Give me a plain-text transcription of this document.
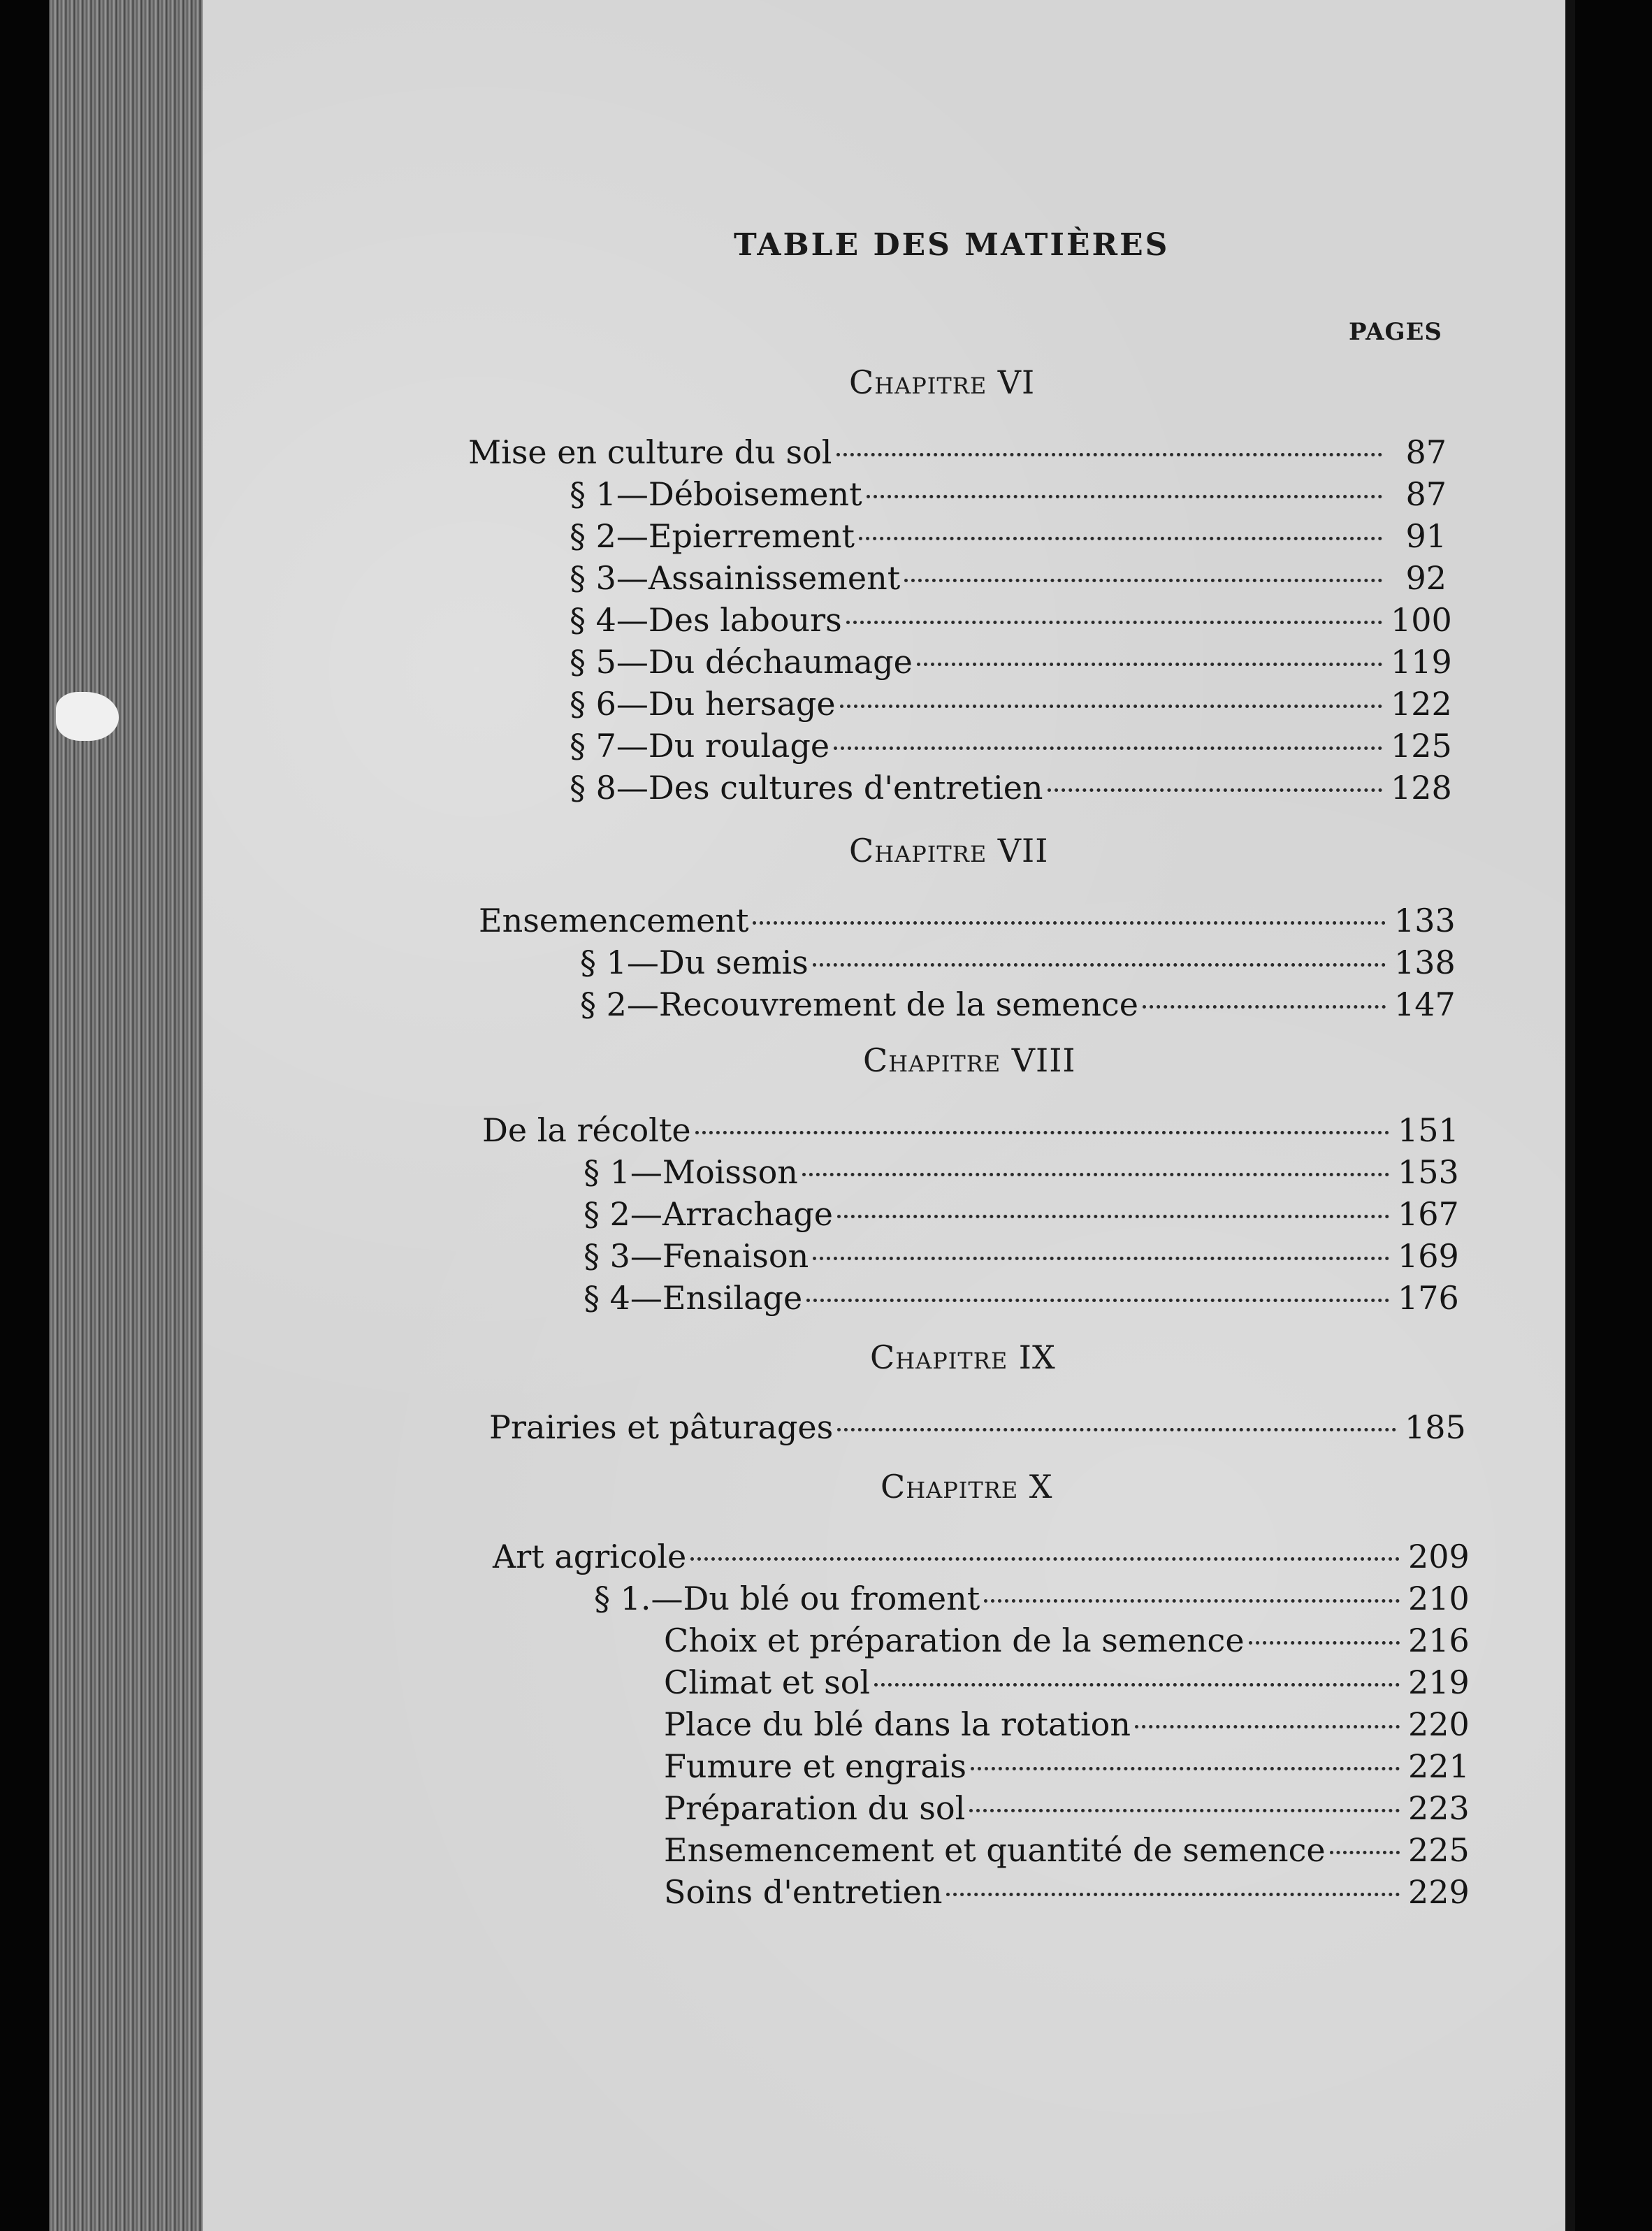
TABLE DES MATIÈRES
PAGES
Chapitre VI
Mise en culture du sol	87
§ 1—Déboisement	87
§ 2—Epierrement	91
§ 3—Assainissement	92
§ 4—Des labours	100
§ 5—Du déchaumage	119
§ 6—Du hersage	122
§ 7—Du roulage	125
§ 8—Des cultures d'entretien	128
Chapitre VII
Ensemencement	133
§ 1—Du semis	138
§ 2—Recouvrement de la semence	147
Chapitre VIII
De la récolte	151
§ 1—Moisson	153
§ 2—Arrachage	167
§ 3—Fenaison	169
§ 4—Ensilage	176
Chapitre IX
Prairies et pâturages	185
Chapitre X
Art agricole	209
§ 1.—Du blé ou froment	210
Choix et préparation de la semence	216
Climat et sol	219
Place du blé dans la rotation	220
Fumure et engrais	221
Préparation du sol	223
Ensemencement et quantité de semence	225
Soins d'entretien	229
